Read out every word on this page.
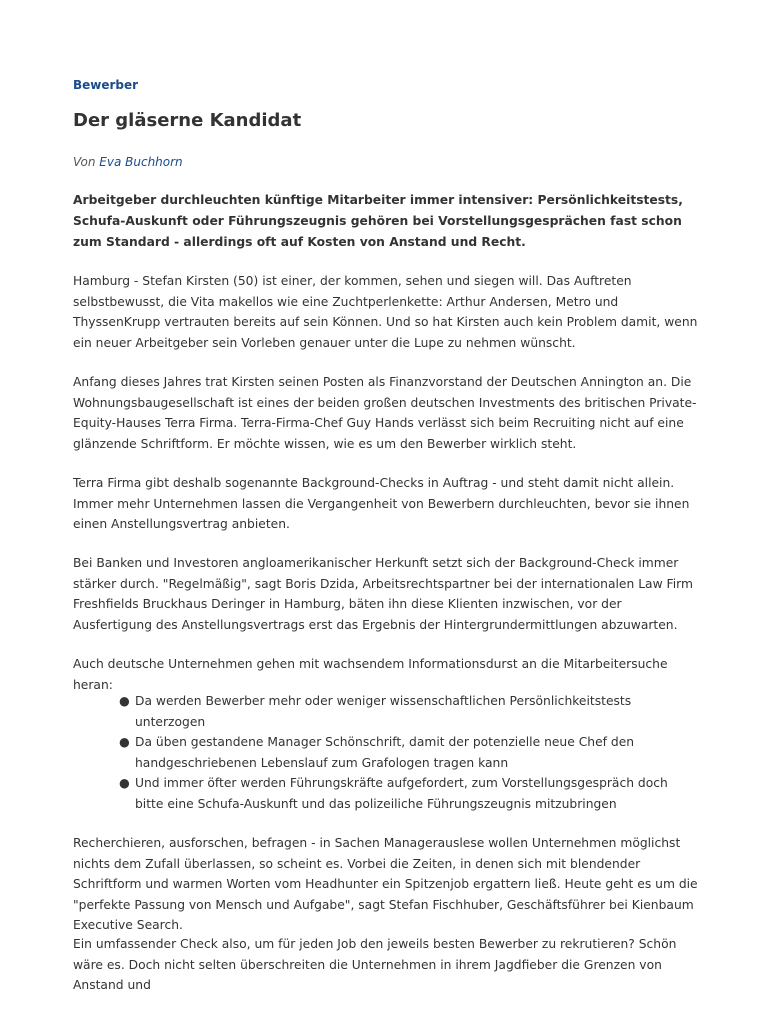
Bewerber
Der gläserne Kandidat
Von Eva Buchhorn

Arbeitgeber durchleuchten künftige Mitarbeiter immer intensiver: Persönlichkeitstests, Schufa-Auskunft oder Führungszeugnis gehören bei Vorstellungsgesprächen fast schon zum Standard - allerdings oft auf Kosten von Anstand und Recht.

Hamburg - Stefan Kirsten (50) ist einer, der kommen, sehen und siegen will. Das Auftreten selbstbewusst, die Vita makellos wie eine Zuchtperlenkette: Arthur Andersen, Metro und ThyssenKrupp vertrauten bereits auf sein Können. Und so hat Kirsten auch kein Problem damit, wenn ein neuer Arbeitgeber sein Vorleben genauer unter die Lupe zu nehmen wünscht.

Anfang dieses Jahres trat Kirsten seinen Posten als Finanzvorstand der Deutschen Annington an. Die Wohnungsbaugesellschaft ist eines der beiden großen deutschen Investments des britischen Private-Equity-Hauses Terra Firma. Terra-Firma-Chef Guy Hands verlässt sich beim Recruiting nicht auf eine glänzende Schriftform. Er möchte wissen, wie es um den Bewerber wirklich steht.

Terra Firma gibt deshalb sogenannte Background-Checks in Auftrag - und steht damit nicht allein. Immer mehr Unternehmen lassen die Vergangenheit von Bewerbern durchleuchten, bevor sie ihnen einen Anstellungsvertrag anbieten.

Bei Banken und Investoren angloamerikanischer Herkunft setzt sich der Background-Check immer stärker durch. "Regelmäßig", sagt Boris Dzida, Arbeitsrechtspartner bei der internationalen Law Firm Freshfields Bruckhaus Deringer in Hamburg, bäten ihn diese Klienten inzwischen, vor der Ausfertigung des Anstellungsvertrags erst das Ergebnis der Hintergrundermittlungen abzuwarten.

Auch deutsche Unternehmen gehen mit wachsendem Informationsdurst an die Mitarbeitersuche heran:

● Da werden Bewerber mehr oder weniger wissenschaftlichen Persönlichkeitstests unterzogen
● Da üben gestandene Manager Schönschrift, damit der potenzielle neue Chef den handgeschriebenen Lebenslauf zum Grafologen tragen kann
● Und immer öfter werden Führungskräfte aufgefordert, zum Vorstellungsgespräch doch bitte eine Schufa-Auskunft und das polizeiliche Führungszeugnis mitzubringen

Recherchieren, ausforschen, befragen - in Sachen Managerauslese wollen Unternehmen möglichst nichts dem Zufall überlassen, so scheint es. Vorbei die Zeiten, in denen sich mit blendender Schriftform und warmen Worten vom Headhunter ein Spitzenjob ergattern ließ. Heute geht es um die "perfekte Passung von Mensch und Aufgabe", sagt Stefan Fischhuber, Geschäftsführer bei Kienbaum Executive Search.

Ein umfassender Check also, um für jeden Job den jeweils besten Bewerber zu rekrutieren? Schön wäre es. Doch nicht selten überschreiten die Unternehmen in ihrem Jagdfieber die Grenzen von Anstand und
